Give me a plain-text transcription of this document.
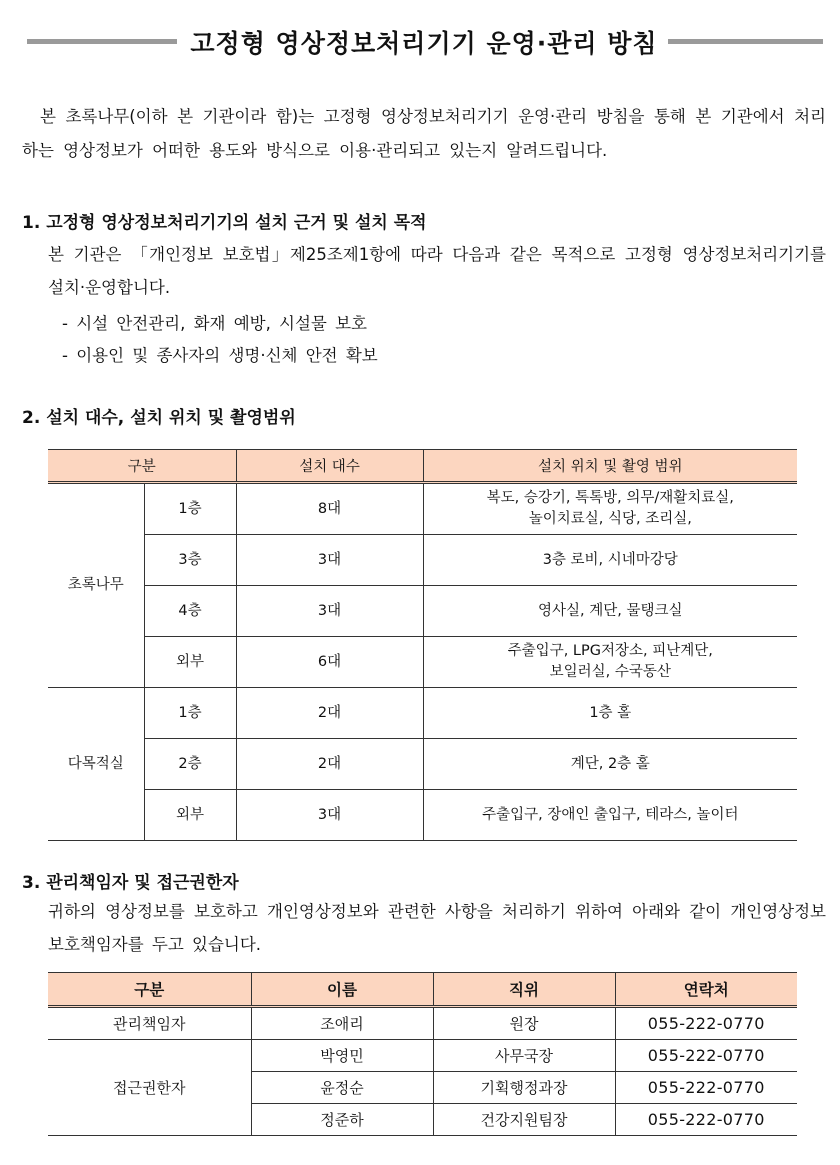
고정형 영상정보처리기기 운영·관리 방침
본 초록나무(이하 본 기관이라 함)는 고정형 영상정보처리기기 운영·관리 방침을 통해 본 기관에서 처리하는 영상정보가 어떠한 용도와 방식으로 이용·관리되고 있는지 알려드립니다.
1. 고정형 영상정보처리기기의 설치 근거 및 설치 목적
본 기관은 「개인정보 보호법」제25조제1항에 따라 다음과 같은 목적으로 고정형 영상정보처리기기를 설치·운영합니다.
- 시설 안전관리, 화재 예방, 시설물 보호
- 이용인 및 종사자의 생명·신체 안전 확보
2. 설치 대수, 설치 위치 및 촬영범위
구분		설치 대수	설치 위치 및 촬영 범위
초록나무	1층	8대	복도, 승강기, 톡톡방, 의무/재활치료실,
놀이치료실, 식당, 조리실,

	3층	3대	3층 로비, 시네마강당
	4층	3대	영사실, 계단, 물탱크실
	외부	6대	주출입구, LPG저장소, 피난계단,
보일러실, 수국동산

다목적실	1층	2대	1층 홀
	2층	2대	계단, 2층 홀
	외부	3대	주출입구, 장애인 출입구, 테라스, 놀이터
3. 관리책임자 및 접근권한자
귀하의 영상정보를 보호하고 개인영상정보와 관련한 사항을 처리하기 위하여 아래와 같이 개인영상정보 보호책임자를 두고 있습니다.
구분	이름	직위	연락처
관리책임자	조애리	원장	055-222-0770
접근권한자	박영민	사무국장	055-222-0770
	윤정순	기획행정과장	055-222-0770
	정준하	건강지원팀장	055-222-0770
